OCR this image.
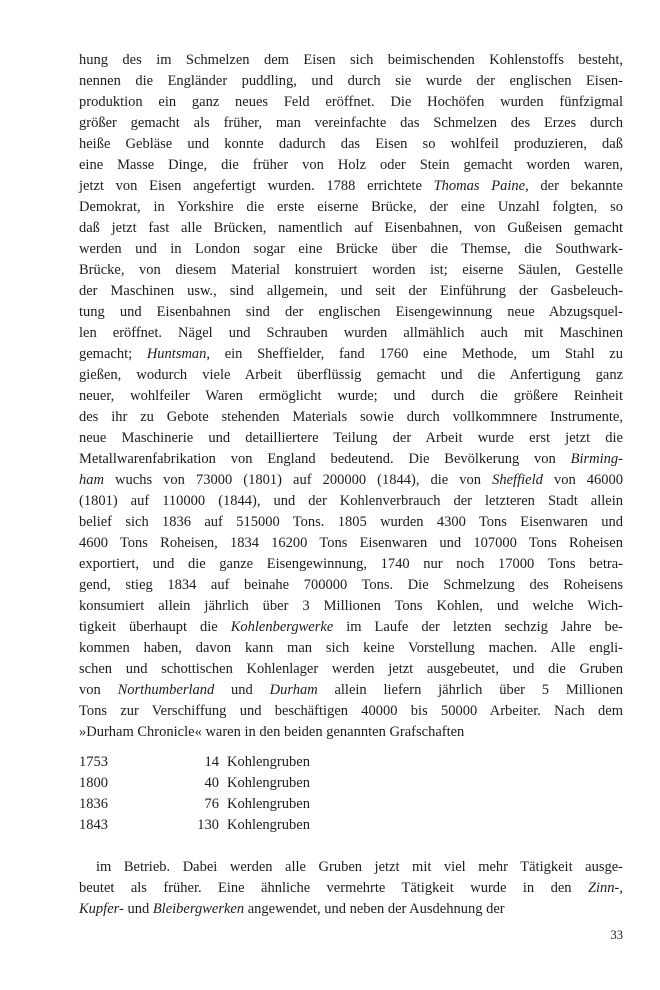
hung des im Schmelzen dem Eisen sich beimischenden Kohlenstoffs besteht,
nennen die Engländer puddling, und durch sie wurde der englischen Eisen-
produktion ein ganz neues Feld eröffnet. Die Hochöfen wurden fünfzigmal
größer gemacht als früher, man vereinfachte das Schmelzen des Erzes durch
heiße Gebläse und konnte dadurch das Eisen so wohlfeil produzieren, daß
eine Masse Dinge, die früher von Holz oder Stein gemacht worden waren,
jetzt von Eisen angefertigt wurden. 1788 errichtete Thomas Paine, der bekannte
Demokrat, in Yorkshire die erste eiserne Brücke, der eine Unzahl folgten, so
daß jetzt fast alle Brücken, namentlich auf Eisenbahnen, von Gußeisen gemacht
werden und in London sogar eine Brücke über die Themse, die Southwark-
Brücke, von diesem Material konstruiert worden ist; eiserne Säulen, Gestelle
der Maschinen usw., sind allgemein, und seit der Einführung der Gasbeleuch-
tung und Eisenbahnen sind der englischen Eisengewinnung neue Abzugsquel-
len eröffnet. Nägel und Schrauben wurden allmählich auch mit Maschinen
gemacht; Huntsman, ein Sheffielder, fand 1760 eine Methode, um Stahl zu
gießen, wodurch viele Arbeit überflüssig gemacht und die Anfertigung ganz
neuer, wohlfeiler Waren ermöglicht wurde; und durch die größere Reinheit
des ihr zu Gebote stehenden Materials sowie durch vollkommnere Instrumente,
neue Maschinerie und detailliertere Teilung der Arbeit wurde erst jetzt die
Metallwarenfabrikation von England bedeutend. Die Bevölkerung von Birming-
ham wuchs von 73000 (1801) auf 200000 (1844), die von Sheffield von 46000
(1801) auf 110000 (1844), und der Kohlenverbrauch der letzteren Stadt allein
belief sich 1836 auf 515000 Tons. 1805 wurden 4300 Tons Eisenwaren und
4600 Tons Roheisen, 1834 16200 Tons Eisenwaren und 107000 Tons Roheisen
exportiert, und die ganze Eisengewinnung, 1740 nur noch 17000 Tons betra-
gend, stieg 1834 auf beinahe 700000 Tons. Die Schmelzung des Roheisens
konsumiert allein jährlich über 3 Millionen Tons Kohlen, und welche Wich-
tigkeit überhaupt die Kohlenbergwerke im Laufe der letzten sechzig Jahre be-
kommen haben, davon kann man sich keine Vorstellung machen. Alle engli-
schen und schottischen Kohlenlager werden jetzt ausgebeutet, und die Gruben
von Northumberland und Durham allein liefern jährlich über 5 Millionen
Tons zur Verschiffung und beschäftigen 40000 bis 50000 Arbeiter. Nach dem
»Durham Chronicle« waren in den beiden genannten Grafschaften
1753	14 Kohlengruben
1800	40 Kohlengruben
1836	76 Kohlengruben
1843	130 Kohlengruben
im Betrieb. Dabei werden alle Gruben jetzt mit viel mehr Tätigkeit ausge-
beutet als früher. Eine ähnliche vermehrte Tätigkeit wurde in den Zinn-,
Kupfer- und Bleibergwerken angewendet, und neben der Ausdehnung der
33
